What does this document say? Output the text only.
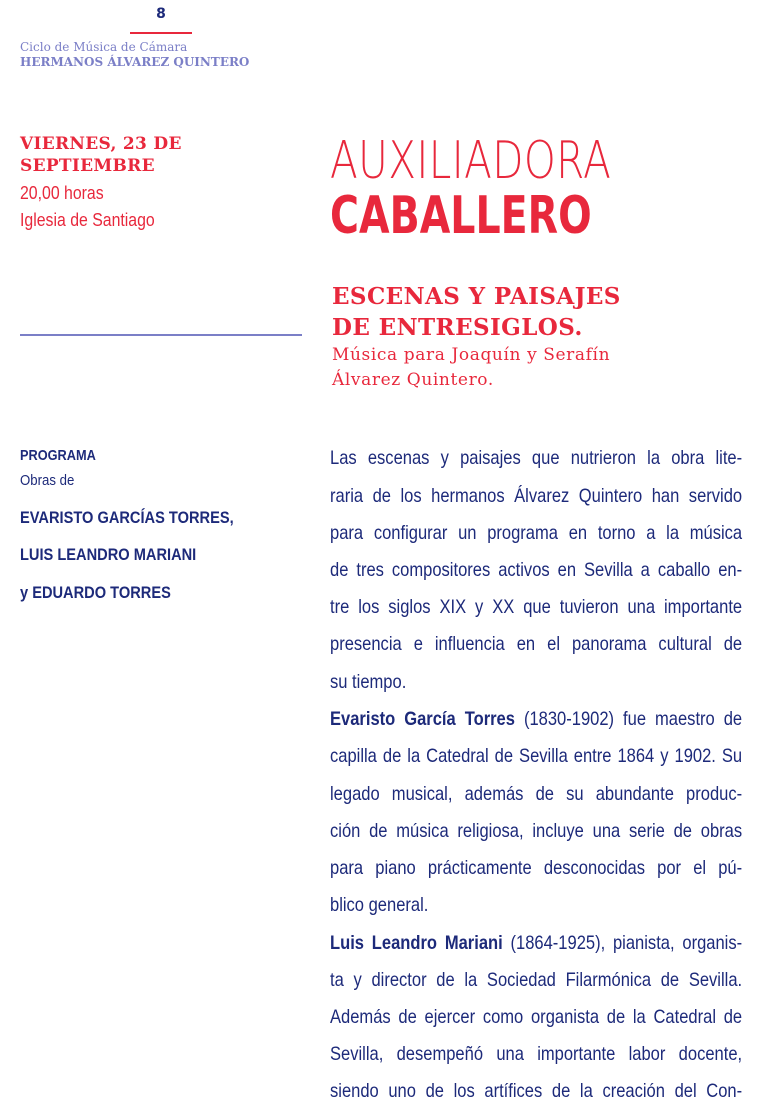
8
Ciclo de Música de Cámara
HERMANOS ÁLVAREZ QUINTERO
VIERNES, 23 DE
SEPTIEMBRE
20,00 horas
Iglesia de Santiago
AUXILIADORA
CABALLERO
ESCENAS Y PAISAJES
DE ENTRESIGLOS.
Música para Joaquín y Serafín
Álvarez Quintero.
PROGRAMA
Obras de
EVARISTO GARCÍAS TORRES,
LUIS LEANDRO MARIANI
y EDUARDO TORRES
Las escenas y paisajes que nutrieron la obra lite-
raria de los hermanos Álvarez Quintero han servido
para configurar un programa en torno a la música
de tres compositores activos en Sevilla a caballo en-
tre los siglos XIX y XX que tuvieron una importante
presencia e influencia en el panorama cultural de
su tiempo.
Evaristo García Torres (1830-1902) fue maestro de
capilla de la Catedral de Sevilla entre 1864 y 1902. Su
legado musical, además de su abundante produc-
ción de música religiosa, incluye una serie de obras
para piano prácticamente desconocidas por el pú-
blico general.
Luis Leandro Mariani (1864-1925), pianista, organis-
ta y director de la Sociedad Filarmónica de Sevilla.
Además de ejercer como organista de la Catedral de
Sevilla, desempeñó una importante labor docente,
siendo uno de los artífices de la creación del Con-
